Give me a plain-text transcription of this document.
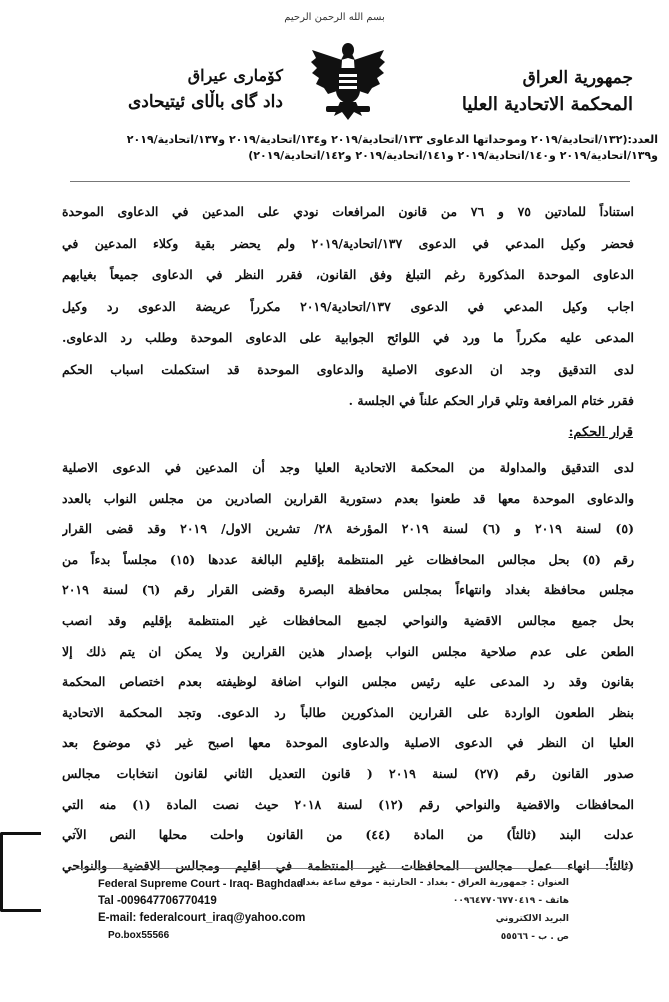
بسم الله الرحمن الرحيم
جمهورية العراق
المحكمة الاتحادية العليا
كۆماری عیراق
داد گای باڵای ئیتیحادی
العدد:(١٣٢/اتحادية/٢٠١٩ وموحداتها الدعاوى ١٣٣/اتحادية/٢٠١٩ و١٣٤/اتحادية/٢٠١٩ و١٣٧/اتحادية/٢٠١٩
و١٣٩/اتحادية/٢٠١٩ و١٤٠/اتحادية/٢٠١٩ و١٤١/اتحادية/٢٠١٩ و١٤٢/اتحادية/٢٠١٩)

استناداً للمادتين ٧٥ و ٧٦ من قانون المرافعات نودي على المدعين في الدعاوى الموحدة

فحضر وكيل المدعي في الدعوى ١٣٧/اتحادية/٢٠١٩ ولم يحضر بقية وكلاء المدعين في

الدعاوى الموحدة المذكورة رغم التبلغ وفق القانون، فقرر النظر في الدعاوى جميعاً بغيابهم

اجاب وكيل المدعي في الدعوى ١٣٧/اتحادية/٢٠١٩ مكرراً عريضة الدعوى رد وكيل

المدعى عليه مكرراً ما ورد في اللوائح الجوابية على الدعاوى الموحدة وطلب رد الدعاوى.

لدى التدقيق وجد ان الدعوى الاصلية والدعاوى الموحدة قد استكملت اسباب الحكم

فقرر ختام المرافعة وتلي قرار الحكم علناً في الجلسة .

قرار الحكم:

لدى التدقيق والمداولة من المحكمة الاتحادية العليا وجد أن المدعين في الدعوى الاصلية

والدعاوى الموحدة معها قد طعنوا بعدم دستورية القرارين الصادرين من مجلس النواب بالعدد

(٥) لسنة ٢٠١٩ و (٦) لسنة ٢٠١٩ المؤرخة ٢٨/ تشرين الاول/ ٢٠١٩ وقد قضى القرار

رقم (٥) بحل مجالس المحافظات غير المنتظمة بإقليم البالغة عددها (١٥) مجلساً بدءاً من

مجلس محافظة بغداد وانتهاءاً بمجلس محافظة البصرة وقضى القرار رقم (٦) لسنة ٢٠١٩

بحل جميع مجالس الاقضية والنواحي لجميع المحافظات غير المنتظمة بإقليم وقد انصب

الطعن على عدم صلاحية مجلس النواب بإصدار هذين القرارين ولا يمكن ان يتم ذلك إلا

بقانون وقد رد المدعى عليه رئيس مجلس النواب اضافة لوظيفته بعدم اختصاص المحكمة

بنظر الطعون الواردة على القرارين المذكورين طالباً رد الدعوى. وتجد المحكمة الاتحادية

العليا ان النظر في الدعوى الاصلية والدعاوى الموحدة معها اصبح غير ذي موضوع بعد

صدور القانون رقم (٢٧) لسنة ٢٠١٩ ( قانون التعديل الثاني لقانون انتخابات مجالس

المحافظات والاقضية والنواحي رقم (١٢) لسنة ٢٠١٨ حيث نصت المادة (١) منه التي

عدلت البند (ثالثاً) من المادة (٤٤) من القانون واحلت محلها النص الآتي

(ثالثاً: انهاء عمل مجالس المحافظات غير المنتظمة في اقليم ومجالس الاقضية والنواحي

Federal Supreme Court - Iraq- Baghdad
Tal -009647706770419
E-mail: federalcourt_iraq@yahoo.com
Po.box55566
العنوان : جمهورية العراق - بغداد - الحارثية - موقع ساعة بغداد
هاتف - ٠٠٩٦٤٧٧٠٦٧٧٠٤١٩
البريد الالكتروني
ص . ب - ٥٥٥٦٦
